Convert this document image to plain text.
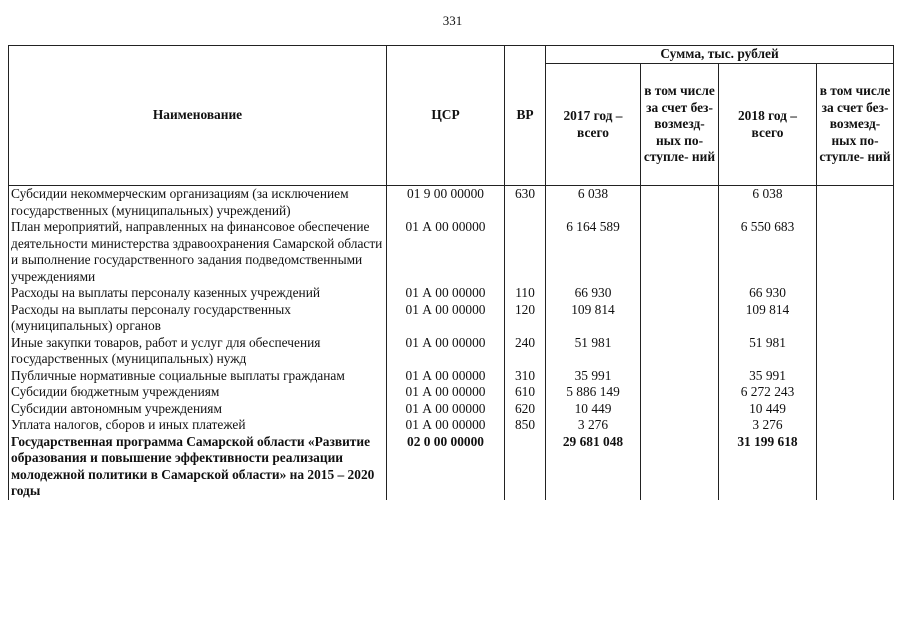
331
Наименование	ЦСР	ВР	Сумма, тыс. рублей			
			2017 год – всего	в том числе за счет без- возмезд- ных по- ступле- ний	2018 год – всего	в том числе за счет без- возмезд- ных по- ступле- ний
Субсидии некоммерческим организациям (за исключением государственных (муниципальных) учреждений)	01 9 00 00000	630	6 038		6 038	
План мероприятий, направленных на финансовое обеспечение деятельности министерства здравоохранения Самарской области и выполнение государственного задания подведомственными учреждениями	01 А 00 00000		6 164 589		6 550 683	
Расходы на выплаты персоналу казенных учреждений	01 А 00 00000	110	66 930		66 930	
Расходы на выплаты персоналу государственных (муниципальных) органов	01 А 00 00000	120	109 814		109 814	
Иные закупки товаров, работ и услуг для обеспечения государственных (муниципальных) нужд	01 А 00 00000	240	51 981		51 981	
Публичные нормативные социальные выплаты гражданам	01 А 00 00000	310	35 991		35 991	
Субсидии бюджетным учреждениям	01 А 00 00000	610	5 886 149		6 272 243	
Субсидии автономным учреждениям	01 А 00 00000	620	10 449		10 449	
Уплата налогов, сборов и иных платежей	01 А 00 00000	850	3 276		3 276	
Государственная программа Самарской области «Развитие образования и повышение эффективности реализации молодежной политики в Самарской области» на 2015 – 2020 годы	02 0 00 00000		29 681 048		31 199 618	
